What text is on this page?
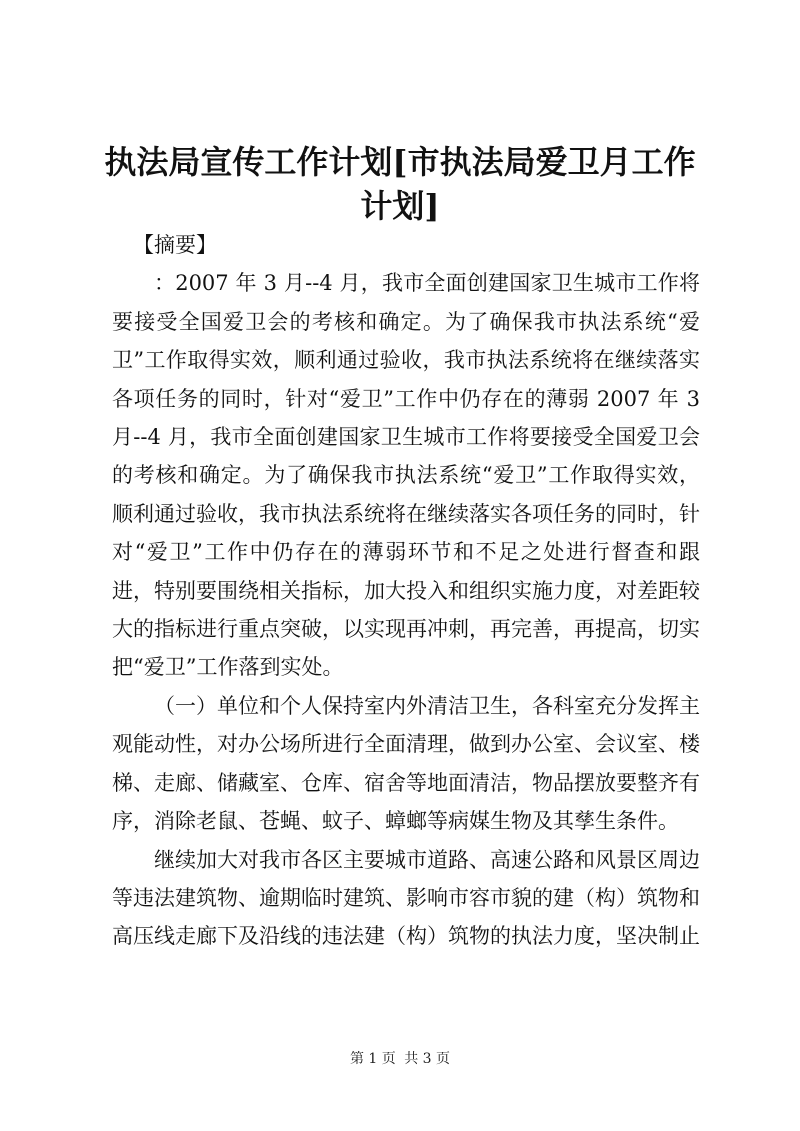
执法局宣传工作计划[市执法局爱卫月工作计划]

【摘要】

：2007 年 3 月--4 月，我市全面创建国家卫生城市工作将要接受全国爱卫会的考核和确定。为了确保我市执法系统“爱卫”工作取得实效，顺利通过验收，我市执法系统将在继续落实各项任务的同时，针对“爱卫”工作中仍存在的薄弱 2007 年 3 月--4 月，我市全面创建国家卫生城市工作将要接受全国爱卫会的考核和确定。为了确保我市执法系统“爱卫”工作取得实效，顺利通过验收，我市执法系统将在继续落实各项任务的同时，针对“爱卫”工作中仍存在的薄弱环节和不足之处进行督查和跟进，特别要围绕相关指标，加大投入和组织实施力度，对差距较大的指标进行重点突破，以实现再冲刺，再完善，再提高，切实把“爱卫”工作落到实处。

（一）单位和个人保持室内外清洁卫生，各科室充分发挥主观能动性，对办公场所进行全面清理，做到办公室、会议室、楼梯、走廊、储藏室、仓库、宿舍等地面清洁，物品摆放要整齐有序，消除老鼠、苍蝇、蚊子、蟑螂等病媒生物及其孳生条件。

继续加大对我市各区主要城市道路、高速公路和风景区周边等违法建筑物、逾期临时建筑、影响市容市貌的建（构）筑物和高压线走廊下及沿线的违法建（构）筑物的执法力度，坚决制止

第 1 页 共 3 页
